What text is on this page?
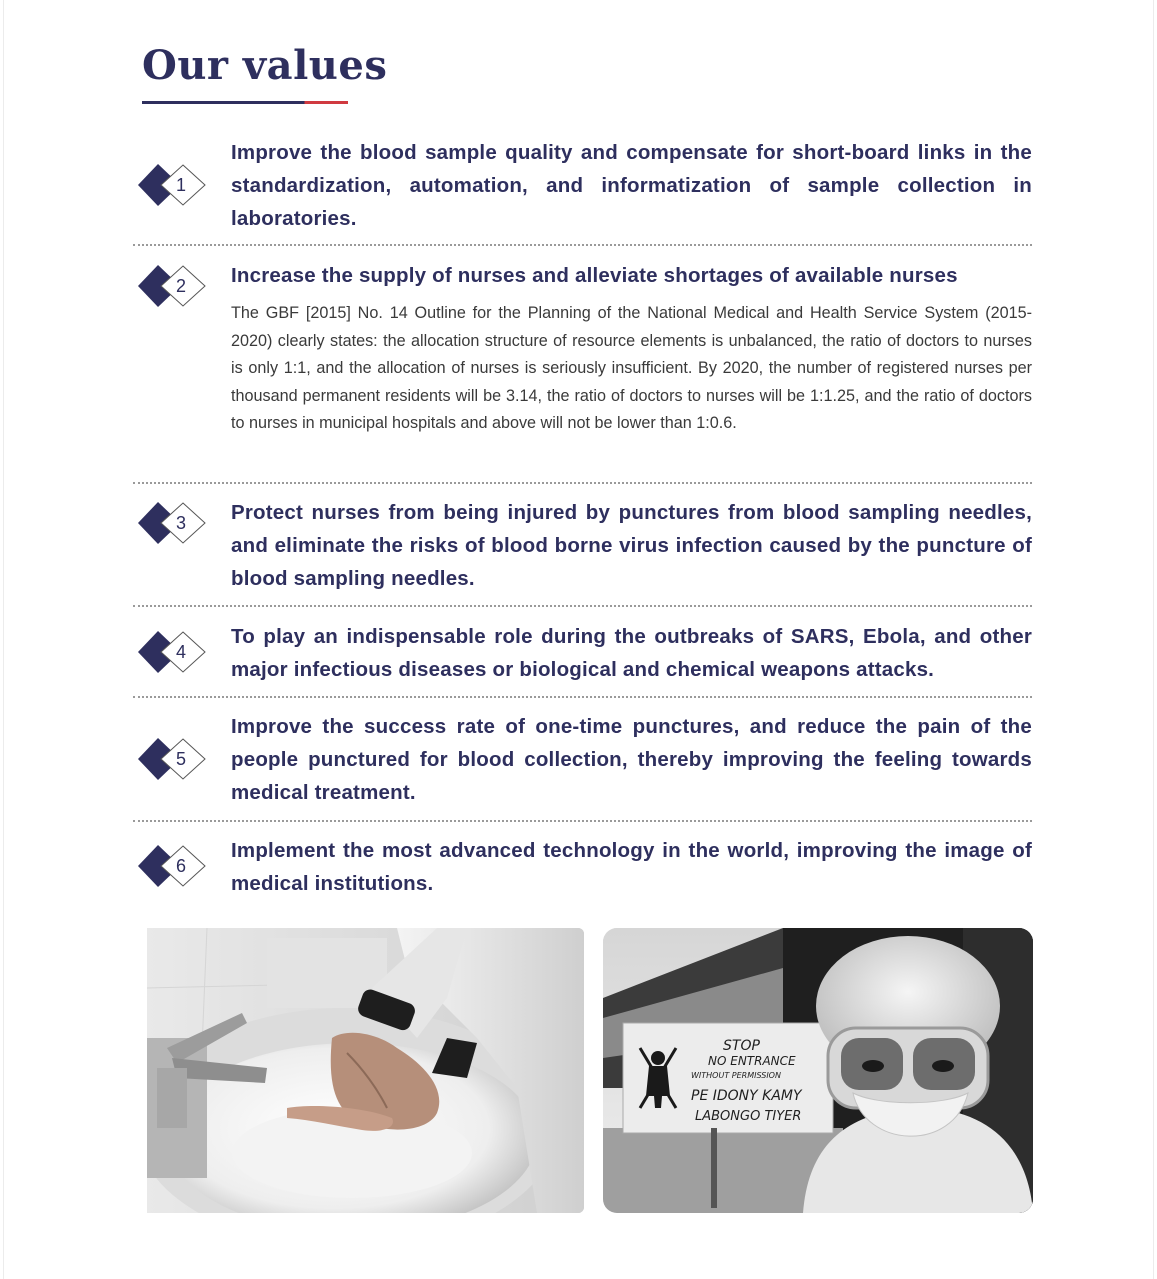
Our values
1

Improve the blood sample quality and compensate for short-board links in the standardization, automation, and informatization of sample collection in laboratories.

2	Increase the supply of nurses and alleviate shortages of available nurses

The GBF [2015] No. 14 Outline for the Planning of the National Medical and Health Service System (2015-2020) clearly states: the allocation structure of resource elements is unbalanced, the ratio of doctors to nurses is only 1:1, and the allocation of nurses is seriously insufficient. By 2020, the number of registered nurses per thousand permanent residents will be 3.14, the ratio of doctors to nurses will be 1:1.25, and the ratio of doctors to nurses in municipal hospitals and above will not be lower than 1:0.6.

3	Protect nurses from being injured by punctures from blood sampling needles, and eliminate the risks of blood borne virus infection caused by the puncture of blood sampling needles.

4

To play an indispensable role during the outbreaks of SARS, Ebola, and other major infectious diseases or biological and chemical weapons attacks.

5

Improve the success rate of one-time punctures, and reduce the pain of the people punctured for blood collection, thereby improving the feeling towards medical treatment.

6

Implement the most advanced technology in the world, improving the image of medical institutions.

STOP
NO ENTRANCE
WITHOUT PERMISSION
PE IDONY KAMY
LABONGO TIYER
